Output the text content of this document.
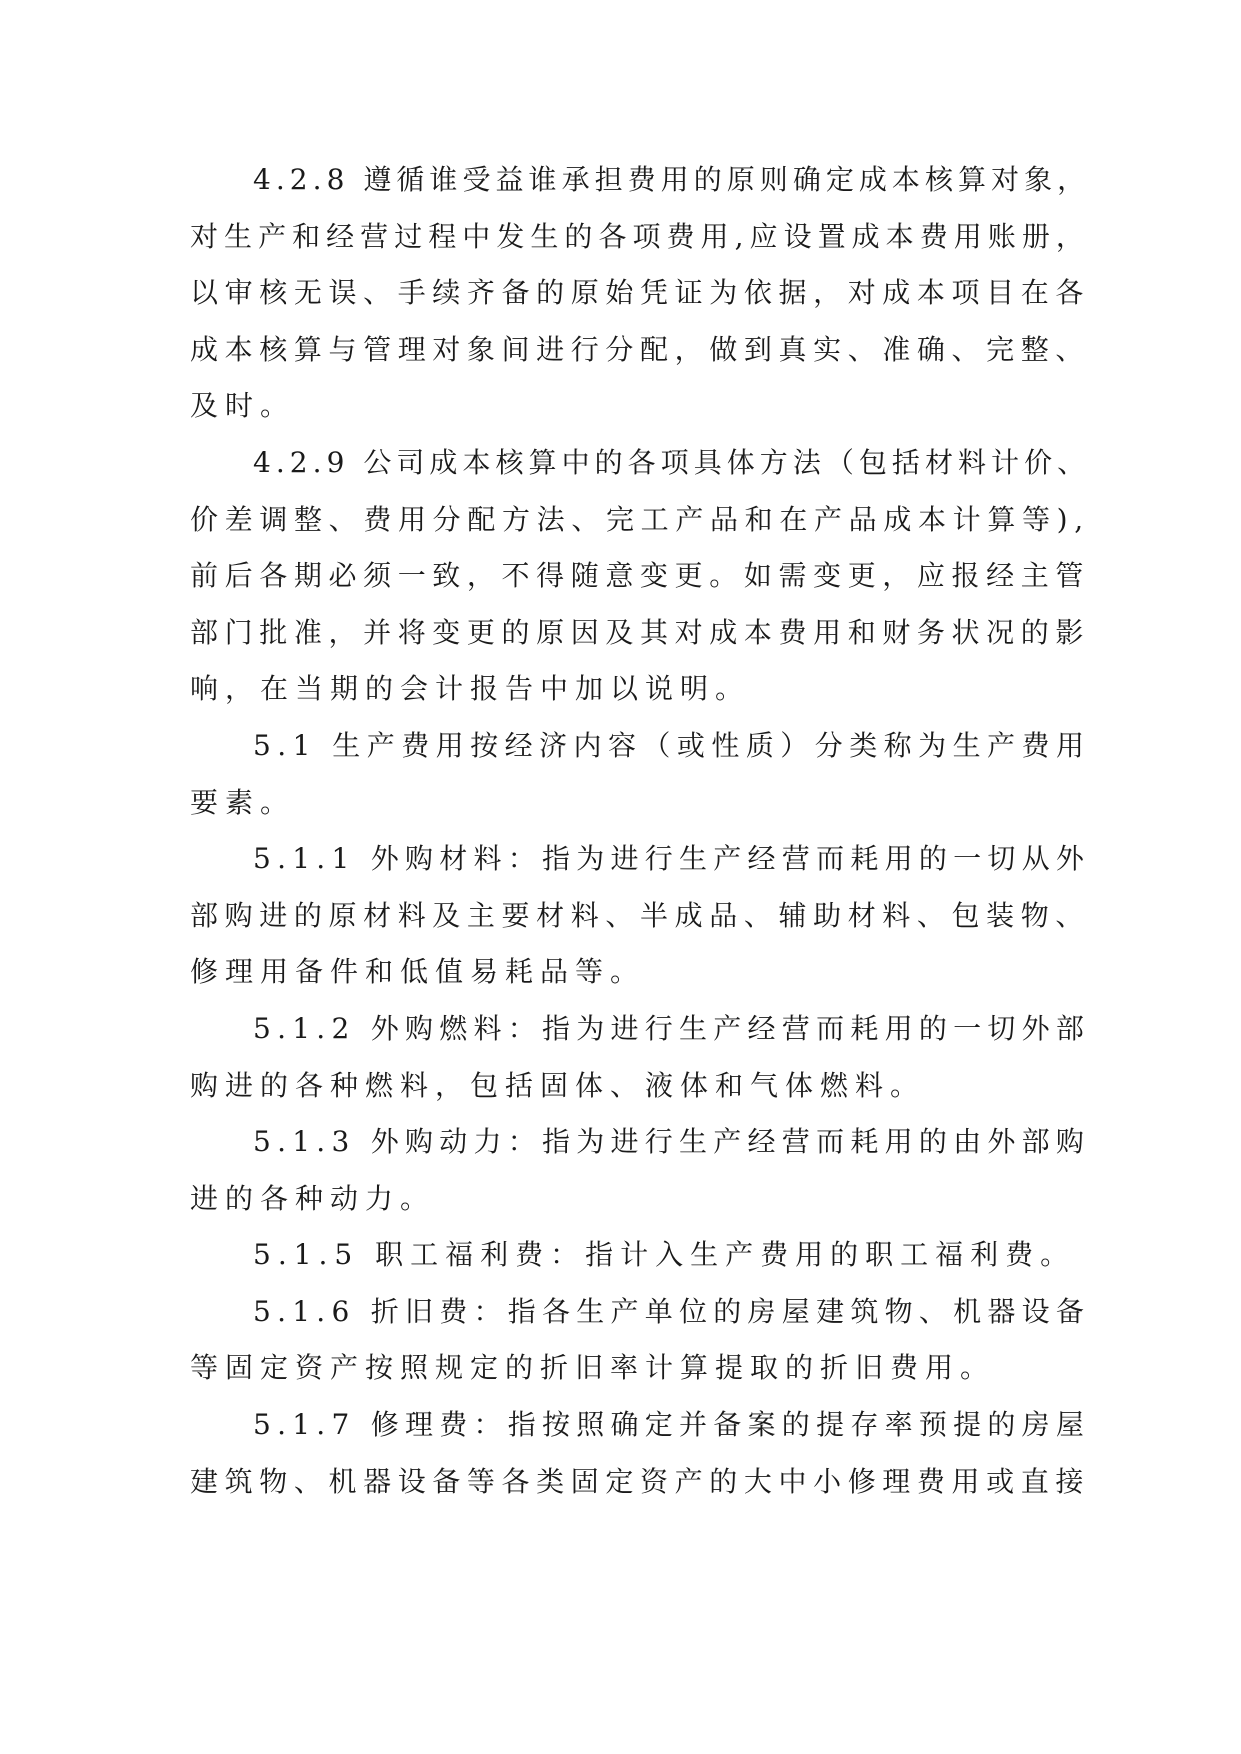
4.2.8 遵循谁受益谁承担费用的原则确定成本核算对象，
对生产和经营过程中发生的各项费用,应设置成本费用账册，
以审核无误、手续齐备的原始凭证为依据，对成本项目在各
成本核算与管理对象间进行分配，做到真实、准确、完整、
及时。
4.2.9 公司成本核算中的各项具体方法（包括材料计价、
价差调整、费用分配方法、完工产品和在产品成本计算等),
前后各期必须一致，不得随意变更。如需变更，应报经主管
部门批准，并将变更的原因及其对成本费用和财务状况的影
响，在当期的会计报告中加以说明。
5.1 生产费用按经济内容（或性质）分类称为生产费用
要素。
5.1.1 外购材料：指为进行生产经营而耗用的一切从外
部购进的原材料及主要材料、半成品、辅助材料、包装物、
修理用备件和低值易耗品等。
5.1.2 外购燃料：指为进行生产经营而耗用的一切外部
购进的各种燃料，包括固体、液体和气体燃料。
5.1.3 外购动力：指为进行生产经营而耗用的由外部购
进的各种动力。
5.1.5 职工福利费：指计入生产费用的职工福利费。
5.1.6 折旧费：指各生产单位的房屋建筑物、机器设备
等固定资产按照规定的折旧率计算提取的折旧费用。
5.1.7 修理费：指按照确定并备案的提存率预提的房屋
建筑物、机器设备等各类固定资产的大中小修理费用或直接
